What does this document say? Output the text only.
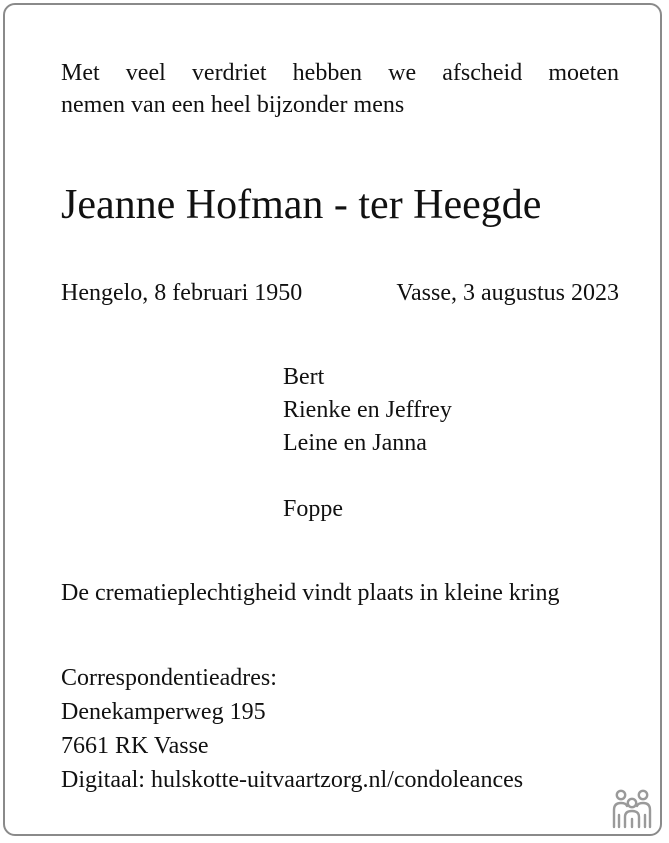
Met veel verdriet hebben we afscheid moeten
nemen van een heel bijzonder mens
Jeanne Hofman - ter Heegde
Hengelo, 8 februari 1950	Vasse, 3 augustus 2023
Bert
Rienke en Jeffrey
Leine en Janna
Foppe
De crematieplechtigheid vindt plaats in kleine kring
Correspondentieadres:
Denekamperweg 195
7661 RK Vasse
Digitaal: hulskotte-uitvaartzorg.nl/condoleances
